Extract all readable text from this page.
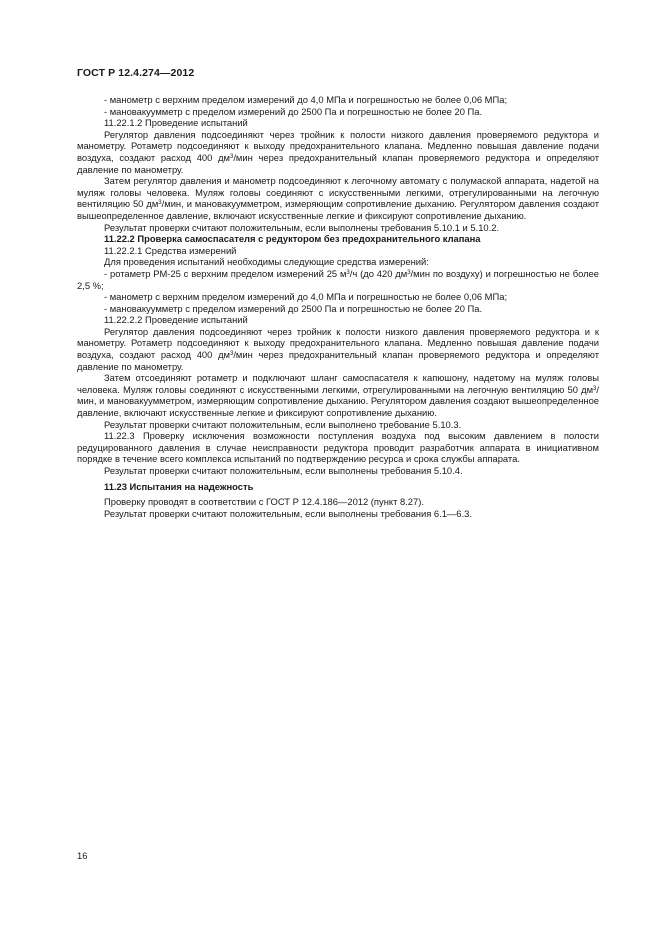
ГОСТ Р 12.4.274—2012

- манометр с верхним пределом измерений до 4,0 МПа и погрешностью не более 0,06 МПа;

- мановакуумметр с пределом измерений до 2500 Па и погрешностью не более 20 Па.

11.22.1.2 Проведение испытаний

Регулятор давления подсоединяют через тройник к полости низкого давления проверяемого редуктора и манометру. Ротаметр подсоединяют к выходу предохранительного клапана. Медленно повышая давление подачи воздуха, создают расход 400 $дм^3$/мин через предохранительный клапан проверяемого редуктора и определяют давление по манометру.

Затем регулятор давления и манометр подсоединяют к легочному автомату с полумаской аппарата, надетой на муляж головы человека. Муляж головы соединяют с искусственными легкими, отрегулированными на легочную вентиляцию 50 $дм^3$/мин, и мановакуумметром, измеряющим сопротивление дыханию. Регулятором давления создают вышеопределенное давление, включают искусственные легкие и фиксируют сопротивление дыханию.

Результат проверки считают положительным, если выполнены требования 5.10.1 и 5.10.2.

11.22.2 Проверка самоспасателя с редуктором без предохранительного клапана

11.22.2.1 Средства измерений

Для проведения испытаний необходимы следующие средства измерений:

- ротаметр РМ-25 с верхним пределом измерений 25 $м^3/ч$ (до 420 $дм^3$/мин по воздуху) и погрешностью не более 2,5 %;

- манометр с верхним пределом измерений до 4,0 МПа и погрешностью не более 0,06 МПа;

- мановакуумметр с пределом измерений до 2500 Па и погрешностью не более 20 Па.

11.22.2.2 Проведение испытаний

Регулятор давления подсоединяют через тройник к полости низкого давления проверяемого редуктора и к манометру. Ротаметр подсоединяют к выходу предохранительного клапана. Медленно повышая давление подачи воздуха, создают расход 400 $дм^3$/мин через предохранительный клапан проверяемого редуктора и определяют давление по манометру.

Затем отсоединяют ротаметр и подключают шланг самоспасателя к капюшону, надетому на муляж головы человека. Муляж головы соединяют с искусственными легкими, отрегулированными на легочную вентиляцию 50 $дм^3$/мин, и мановакуумметром, измеряющим сопротивление дыханию. Регулятором давления создают вышеопределенное давление, включают искусственные легкие и фиксируют сопротивление дыханию.

Результат проверки считают положительным, если выполнено требование 5.10.3.

11.22.3 Проверку исключения возможности поступления воздуха под высоким давлением в полости редуцированного давления в случае неисправности редуктора проводит разработчик аппарата в инициативном порядке в течение всего комплекса испытаний по подтверждению ресурса и срока службы аппарата.

Результат проверки считают положительным, если выполнены требования 5.10.4.

11.23 Испытания на надежность

Проверку проводят в соответствии с ГОСТ Р 12.4.186—2012 (пункт 8.27).

Результат проверки считают положительным, если выполнены требования 6.1—6.3.

16
